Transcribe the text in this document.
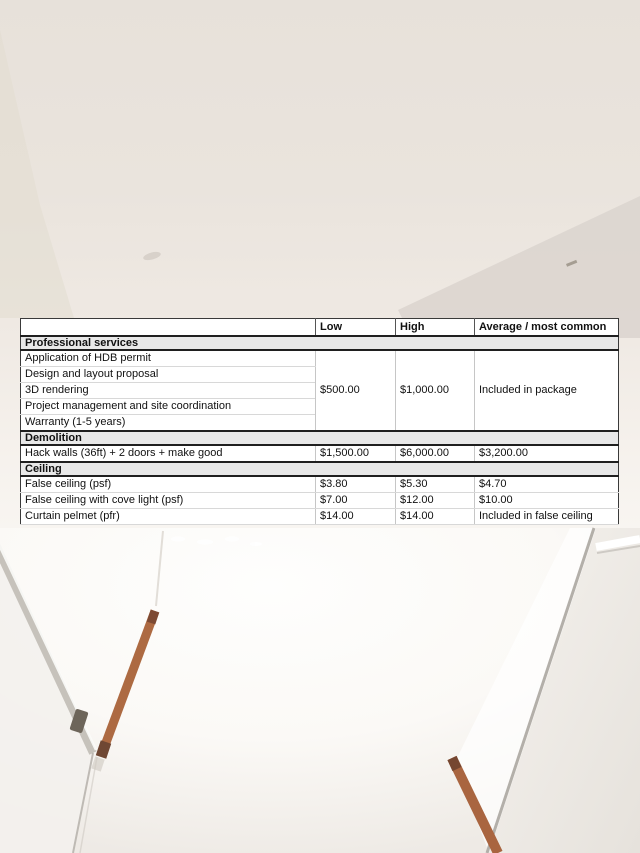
	Low	High	Average / most common
Professional services			
Application of HDB permit	$500.00	$1,000.00	Included in package
Design and layout proposal			
3D rendering			
Project management and site coordination			
Warranty (1-5 years)			
Demolition			
Hack walls (36ft) + 2 doors + make good	$1,500.00	$6,000.00	$3,200.00
Ceiling			
False ceiling (psf)	$3.80	$5.30	$4.70
False ceiling with cove light (psf)	$7.00	$12.00	$10.00
Curtain pelmet (pfr)	$14.00	$14.00	Included in false ceiling
